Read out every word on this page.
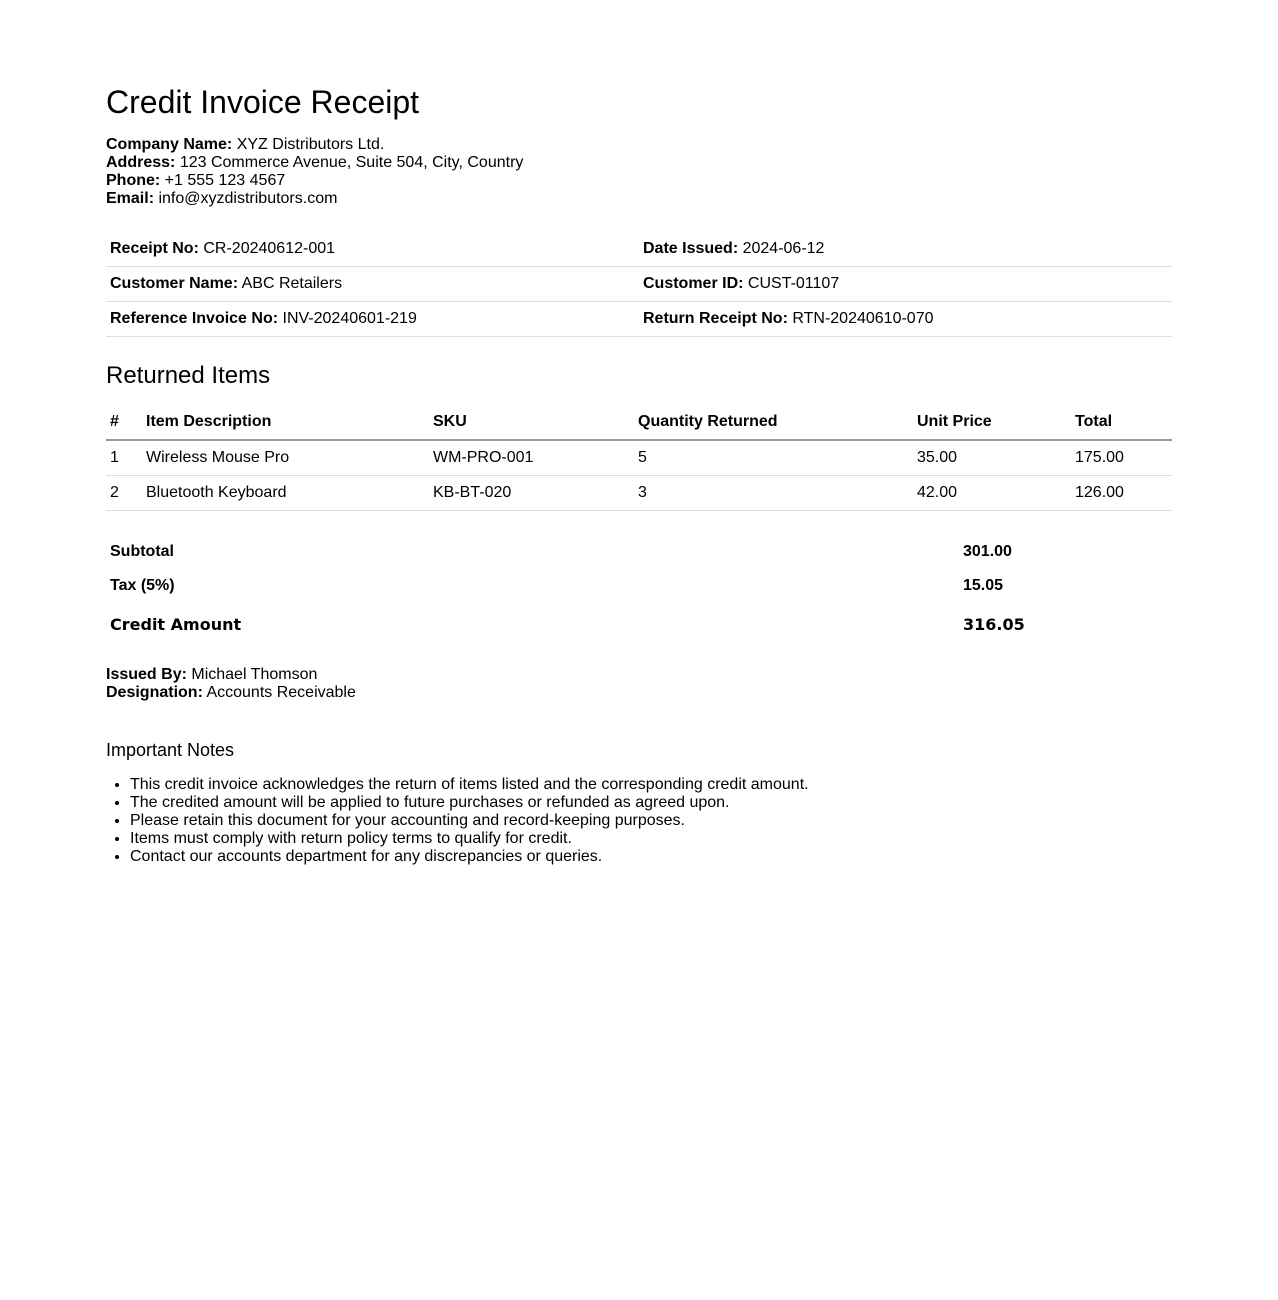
Credit Invoice Receipt
Company Name: XYZ Distributors Ltd.
Address: 123 Commerce Avenue, Suite 504, City, Country
Phone: +1 555 123 4567
Email: info@xyzdistributors.com
Receipt No: CR-20240612-001	Date Issued: 2024-06-12
Customer Name: ABC Retailers	Customer ID: CUST-01107
Reference Invoice No: INV-20240601-219	Return Receipt No: RTN-20240610-070
Returned Items
#	Item Description	SKU	Quantity Returned	Unit Price	Total
1	Wireless Mouse Pro	WM-PRO-001	5	35.00	175.00
2	Bluetooth Keyboard	KB-BT-020	3	42.00	126.00
Subtotal	301.00
Tax (5%)	15.05
Credit Amount	316.05
Issued By: Michael Thomson
Designation: Accounts Receivable
Important Notes
• This credit invoice acknowledges the return of items listed and the corresponding credit amount.
• The credited amount will be applied to future purchases or refunded as agreed upon.
• Please retain this document for your accounting and record-keeping purposes.
• Items must comply with return policy terms to qualify for credit.
• Contact our accounts department for any discrepancies or queries.
